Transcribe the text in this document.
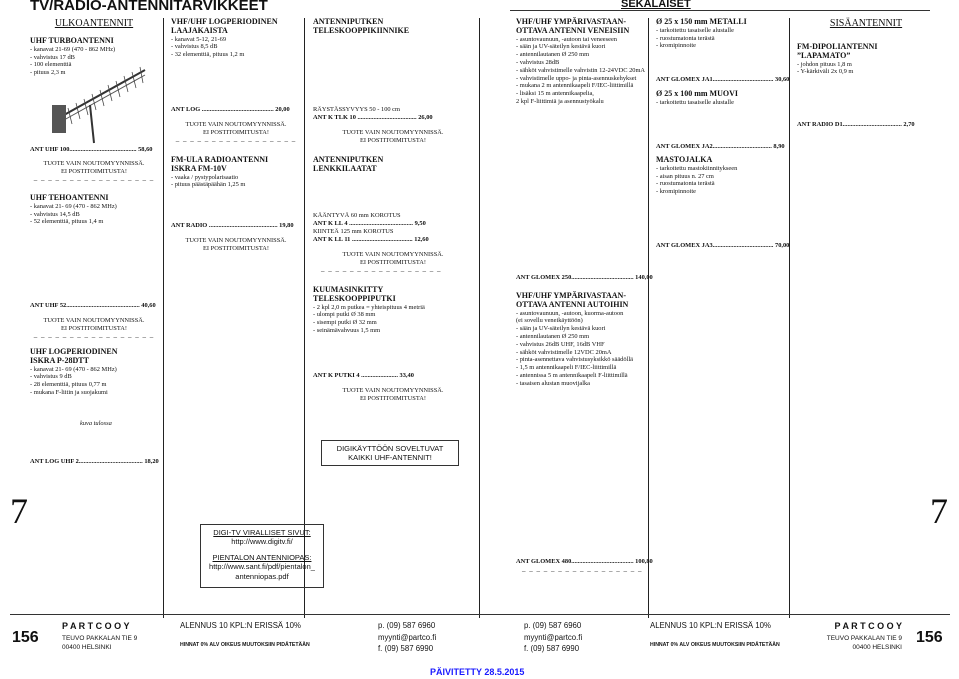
TV/RADIO-ANTENNITARVIKKEET	SEKALAISET
ULKOANTENNIT
UHF TURBOANTENNI
- kanavat 21-69 (470 - 862 MHz)
- vahvistus 17 dB
- 100 elementtiä
- pituus 2,3 m
ANT UHF 100.......................................... 58,60
TUOTE VAIN NOUTOMYYNNISSÄ.
EI POSTITOIMITUSTA!
– – – – – – – – – – – – – – – – –
UHF TEHOANTENNI
- kanavat 21- 69 (470 - 862 MHz)
- vahvistus 14,5 dB
- 52 elementtiä, pituus 1,4 m
ANT UHF 52.............................................. 40,60
TUOTE VAIN NOUTOMYYNNISSÄ.
EI POSTITOIMITUSTA!
– – – – – – – – – – – – – – – – –
UHF LOGPERIODINEN
ISKRA P-28DTT
- kanavat 21- 69 (470 - 862 MHz)
- vahvistus 9 dB
- 28 elementtiä, pituus 0,77 m
- mukana F-liitin ja suojakumi
kuva tulossa
ANT LOG UHF 2........................................ 18,20
VHF/UHF LOGPERIODINEN
LAAJAKAISTA
- kanavat 5-12, 21-69
- vahvistus 8,5 dB
- 32 elementtiä, pituus 1,2 m
ANT LOG ............................................. 20,00
TUOTE VAIN NOUTOMYYNNISSÄ.
EI POSTITOIMITUSTA!
– – – – – – – – – – – – – – – – –
FM-ULA RADIOANTENNI
ISKRA FM-10V
- vaaka / pystypolarisaatio
- pituus päästäpäähän 1,25 m
ANT RADIO ........................................... 19,80
TUOTE VAIN NOUTOMYYNNISSÄ.
EI POSTITOIMITUSTA!
ANTENNIPUTKEN
TELESKOOPPIKIINNIKE
RÄYSTÄSSYVYYS 50 - 100 cm
ANT K TLK 10 ..................................... 26,00
TUOTE VAIN NOUTOMYYNNISSÄ.
EI POSTITOIMITUSTA!
ANTENNIPUTKEN
LENKKILAATAT
KÄÄNTYVÄ 60 mm KOROTUS
ANT K LL 4 ........................................ 9,50
KIINTEÄ 125 mm KOROTUS
ANT K LL 11 ...................................... 12,60
TUOTE VAIN NOUTOMYYNNISSÄ.
EI POSTITOIMITUSTA!
– – – – – – – – – – – – – – – – –
KUUMASINKITTY
TELESKOOPPIPUTKI
- 2 kpl 2,0 m putkea = yhteispituus 4 metriä
- ulompi putki Ø 38 mm
- sisempi putki Ø 32 mm
- seinämävahvuus 1,5 mm
ANT K PUTKI 4 ....................... 33,40
TUOTE VAIN NOUTOMYYNNISSÄ.
EI POSTITOIMITUSTA!
DIGIKÄYTTÖÖN SOVELTUVAT
KAIKKI UHF-ANTENNIT!
DIGI-TV VIRALLISET SIVUT:
http://www.digitv.fi/
PIENTALON ANTENNIOPAS:
http://www.sant.fi/pdf/pientalon_
antenniopas.pdf
VHF/UHF YMPÄRIVASTAAN-
OTTAVA ANTENNI VENEISIIN
- asuntovaunuun, -autoon tai veneeseen
- sään ja UV-säteilyn kestävä kuori
- antennilautanen Ø 250 mm
- vahvistus 28dB
- sähköt vahvistimelle vahvistin 12-24VDC 20mA
- vahvistimelle uppo- ja pinta-asennuskehykset
- mukana 2 m antennikaapeli F/IEC-liittimillä
- lisäksi 15 m antennikaapelia,
2 kpl F-liittimiä ja asennustyökalu
ANT GLOMEX 250....................................... 140,00
VHF/UHF YMPÄRIVASTAAN-
OTTAVA ANTENNI AUTOIHIN
- asuntovaunuun, -autoon, kuorma-autoon
(ei sovellu veneikäyttöön)
- sään ja UV-säteilyn kestävä kuori
- antennilautanen Ø 250 mm
- vahvistus 26dB UHF, 16dB VHF
- sähköt vahvistimelle 12VDC 20mA
- pinta-asennettava vahvistusyksikkö säädöllä
- 1,5 m antennikaapeli F/IEC-liittimillä
- antennissa 5 m antennikaapeli F-liittimillä
- tasaisen alustan muovijalka
ANT GLOMEX 480....................................... 100,80
– – – – – – – – – – – – – – – – –
Ø 25 x 150 mm METALLI
- tarkoitettu tasaiselle alustalle
- ruostumatonta terästä
- kromipinnoite
ANT GLOMEX JA1...................................... 30,60
Ø 25 x 100 mm MUOVI
- tarkoitettu tasaiselle alustalle
ANT GLOMEX JA2..................................... 8,90
MASTOJALKA
- tarkoitettu mastokiinnitykseen
- aisan pituus n. 27 cm
- ruostumatonta terästä
- kromipinnoite
ANT GLOMEX JA3...................................... 70,00
SISÄANTENNIT
FM-DIPOLIANTENNI
”LAPAMATO”
- johdon pituus 1,8 m
- Y-kärkiväli 2x 0,9 m
ANT RADIO D1..................................... 2,70
7	7
156	156
P A R T C O O Y
TEUVO PAKKALAN TIE 9
00400 HELSINKI
ALENNUS 10 KPL:N ERISSÄ 10%
HINNAT 0% ALV OIKEUS MUUTOKSIIN PIDÄTETÄÄN
p. (09) 587 6960
myynti@partco.fi
f. (09) 587 6990
p. (09) 587 6960
myynti@partco.fi
f. (09) 587 6990
ALENNUS 10 KPL:N ERISSÄ 10%
HINNAT 0% ALV OIKEUS MUUTOKSIIN PIDÄTETÄÄN
P A R T C O O Y
TEUVO PAKKALAN TIE 9
00400 HELSINKI
PÄIVITETTY 28.5.2015
